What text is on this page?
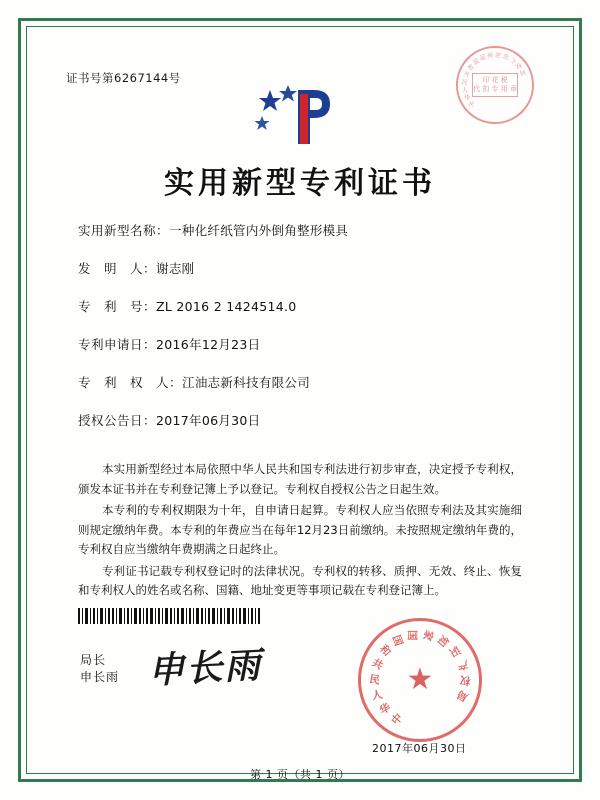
证书号第6267144号
中
华
人
民
共
和
国
国 家 知 识
产
权
局
印 花 税
代 扣 专 用 章
实用新型专利证书
实用新型名称：一种化纤纸管内外倒角整形模具
发　明　人：谢志刚
专　利　号：ZL 2016 2 1424514.0
专利申请日：2016年12月23日
专　利　权　人：江油志新科技有限公司
授权公告日：2017年06月30日

本实用新型经过本局依照中华人民共和国专利法进行初步审查，决定授予专利权，颁发本证书并在专利登记簿上予以登记。专利权自授权公告之日起生效。

本专利的专利权期限为十年，自申请日起算。专利权人应当依照专利法及其实施细则规定缴纳年费。本专利的年费应当在每年12月23日前缴纳。未按照规定缴纳年费的，专利权自应当缴纳年费期满之日起终止。

专利证书记载专利权登记时的法律状况。专利权的转移、质押、无效、终止、恢复和专利权人的姓名或名称、国籍、地址变更等事项记载在专利登记簿上。

局长
申长雨 申长雨
中
华
人
民
共
和
国 国 家 知
识
产
权
局
★
2017年06月30日
第 1 页（共 1 页）
